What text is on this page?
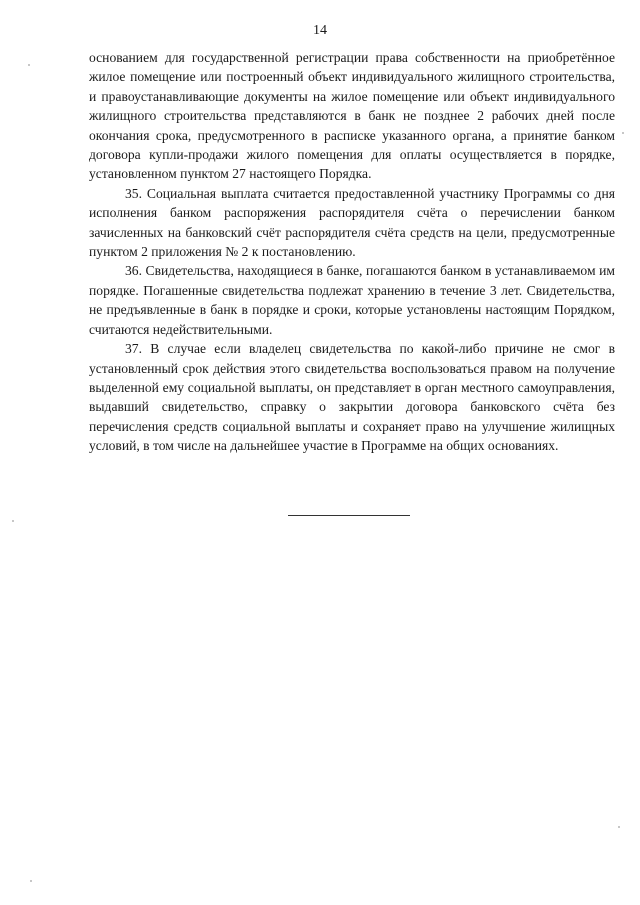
14

основанием для государственной регистрации права собственности на приобретённое жилое помещение или построенный объект индивидуального жилищного строительства, и правоустанавливающие документы на жилое помещение или объект индивидуального жилищного строительства представляются в банк не позднее 2 рабочих дней после окончания срока, предусмотренного в расписке указанного органа, а принятие банком договора купли-продажи жилого помещения для оплаты осуществляется в порядке, установленном пунктом 27 настоящего Порядка.

35. Социальная выплата считается предоставленной участнику Программы со дня исполнения банком распоряжения распорядителя счёта о перечислении банком зачисленных на банковский счёт распорядителя счёта средств на цели, предусмотренные пунктом 2 приложения № 2 к постановлению.

36. Свидетельства, находящиеся в банке, погашаются банком в устанавливаемом им порядке. Погашенные свидетельства подлежат хранению в течение 3 лет. Свидетельства, не предъявленные в банк в порядке и сроки, которые установлены настоящим Порядком, считаются недействительными.

37. В случае если владелец свидетельства по какой-либо причине не смог в установленный срок действия этого свидетельства воспользоваться правом на получение выделенной ему социальной выплаты, он представляет в орган местного самоуправления, выдавший свидетельство, справку о закрытии договора банковского счёта без перечисления средств социальной выплаты и сохраняет право на улучшение жилищных условий, в том числе на дальнейшее участие в Программе на общих основаниях.
